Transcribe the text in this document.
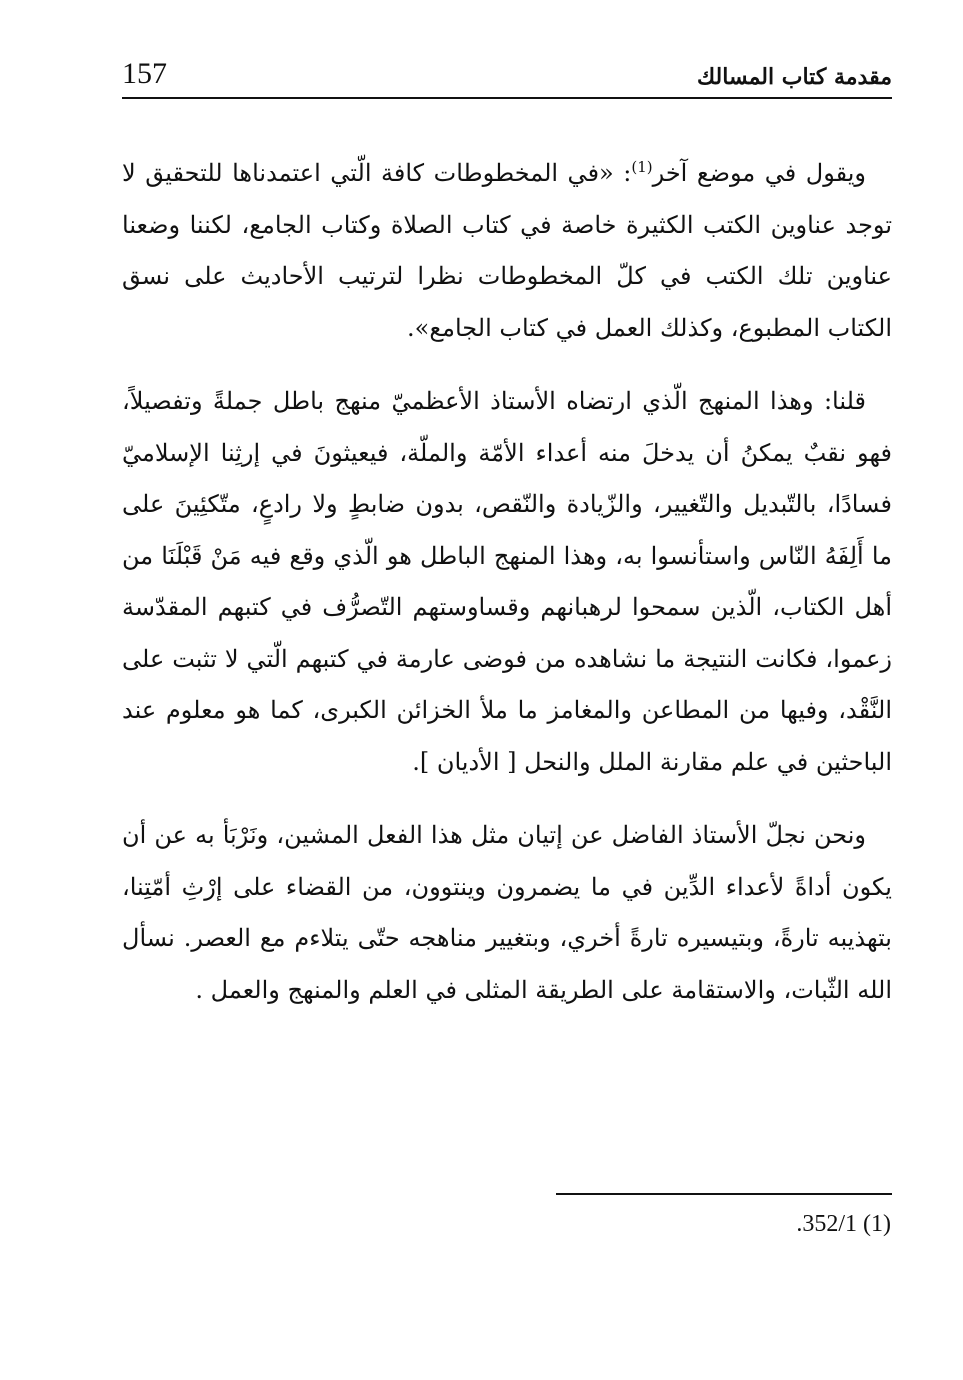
157	مقدمة كتاب المسالك

ويقول في موضع آخر$^{(1)}$: «في المخطوطات كافة الّتي اعتمدناها للتحقيق لا توجد عناوين الكتب الكثيرة خاصة في كتاب الصلاة وكتاب الجامع، لكننا وضعنا عناوين تلك الكتب في كلّ المخطوطات نظرا لترتيب الأحاديث على نسق الكتاب المطبوع، وكذلك العمل في كتاب الجامع».

قلنا: وهذا المنهج الّذي ارتضاه الأستاذ الأعظميّ منهج باطل جملةً وتفصيلاً، فهو نقبٌ يمكنُ أن يدخلَ منه أعداء الأمّة والملّة، فيعيثونَ في إرثِنا الإسلاميّ فسادًا، بالتّبديل والتّغيير، والزّيادة والنّقص، بدون ضابطٍ ولا رادعٍ، متّكئِينَ على ما أَلِفَهُ النّاس واستأنسوا به، وهذا المنهج الباطل هو الّذي وقع فيه مَنْ قَبْلَنَا من أهل الكتاب، الّذين سمحوا لرهبانهم وقساوستهم التّصرُّف في كتبهم المقدّسة زعموا، فكانت النتيجة ما نشاهده من فوضى عارمة في كتبهم الّتي لا تثبت على النَّقْد، وفيها من المطاعن والمغامز ما ملأ الخزائن الكبرى، كما هو معلوم عند الباحثين في علم مقارنة الملل والنحل [ الأديان ].

ونحن نجلّ الأستاذ الفاضل عن إتيان مثل هذا الفعل المشين، ونَرْبَأ به عن أن يكون أداةً لأعداء الدِّين في ما يضمرون وينتوون، من القضاء على إرْثِ أمّتِنا، بتهذيبه تارةً، وبتيسيره تارةً أخري، وبتغيير مناهجه حتّى يتلاءم مع العصر. نسأل الله الثّبات، والاستقامة على الطريقة المثلى في العلم والمنهج والعمل .

.352/1 (1)
